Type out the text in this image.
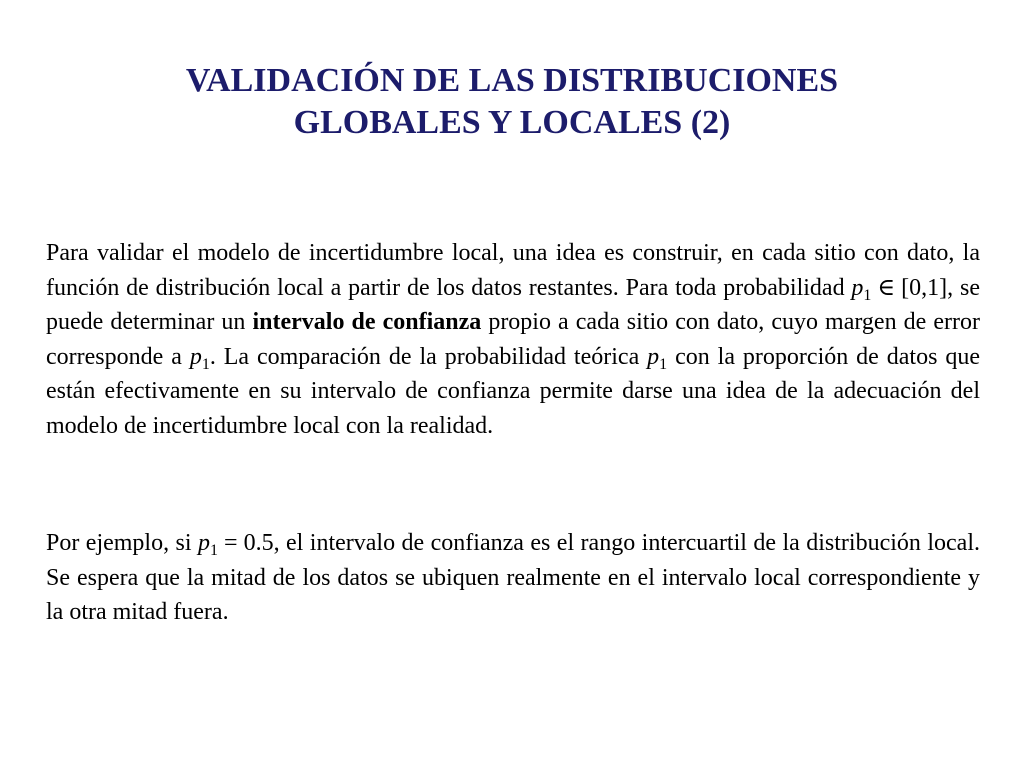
VALIDACIÓN DE LAS DISTRIBUCIONES
GLOBALES Y LOCALES (2)

Para validar el modelo de incertidumbre local, una idea es construir, en cada sitio con dato, la función de distribución local a partir de los datos restantes. Para toda probabilidad $p_1$ ∈ [0,1], se puede determinar un intervalo de confianza propio a cada sitio con dato, cuyo margen de error corresponde a $p_1$. La comparación de la probabilidad teórica $p_1$ con la proporción de datos que están efectivamente en su intervalo de confianza permite darse una idea de la adecuación del modelo de incertidumbre local con la realidad.

Por ejemplo, si $p_1 = 0.5$, el intervalo de confianza es el rango intercuartil de la distribución local. Se espera que la mitad de los datos se ubiquen realmente en el intervalo local correspondiente y la otra mitad fuera.
